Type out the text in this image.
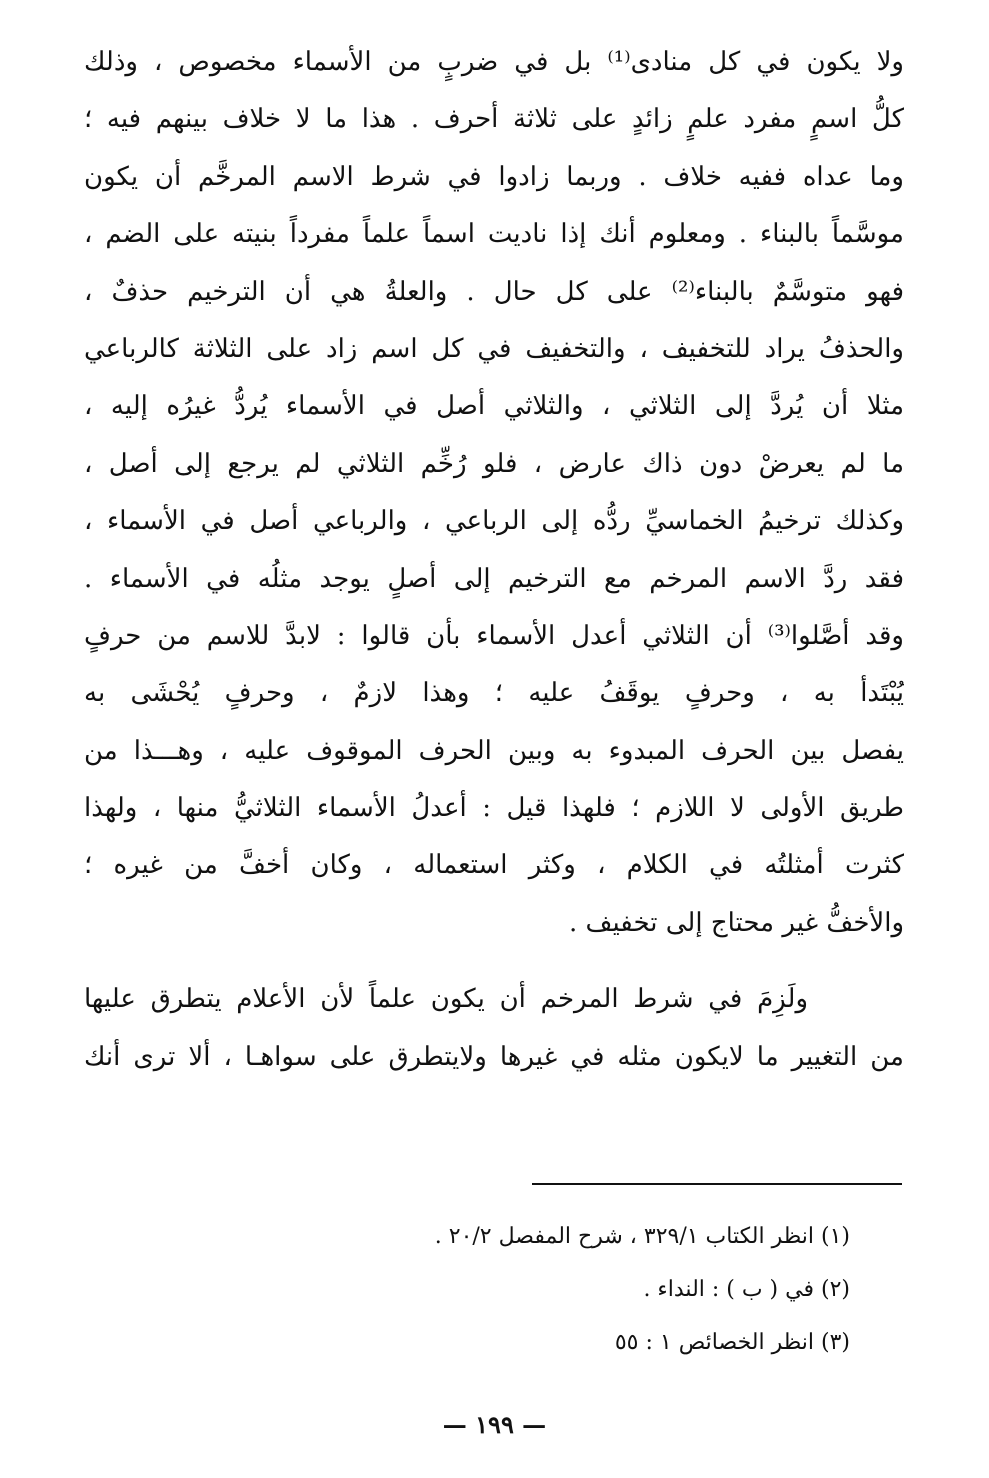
ولا يكون في كل منادى⁽¹⁾ بل في ضربٍ من الأسماء مخصوص ، وذلك
كلُّ اسمٍ مفرد علمٍ زائدٍ على ثلاثة أحرف . هذا ما لا خلاف بينهم فيه ؛
وما عداه ففيه خلاف . وربما زادوا في شرط الاسم المرخَّم أن يكون
موسَّماً بالبناء . ومعلوم أنك إذا ناديت اسماً علماً مفرداً بنيته على الضم ،
فهو متوسَّمٌ بالبناء⁽²⁾ على كل حال . والعلةُ هي أن الترخيم حذفٌ ،
والحذفُ يراد للتخفيف ، والتخفيف في كل اسم زاد على الثلاثة كالرباعي
مثلا أن يُردَّ إلى الثلاثي ، والثلاثي أصل في الأسماء يُردُّ غيرُه إليه ،
ما لم يعرضْ دون ذاك عارض ، فلو رُخِّم الثلاثي لم يرجع إلى أصل ،
وكذلك ترخيمُ الخماسيِّ ردُّه إلى الرباعي ، والرباعي أصل في الأسماء ،
فقد ردَّ الاسم المرخم مع الترخيم إلى أصلٍ يوجد مثلُه في الأسماء .
وقد أصَّلوا⁽³⁾ أن الثلاثي أعدل الأسماء بأن قالوا : لابدَّ للاسم من حرفٍ
يُبْتَدأ به ، وحرفٍ يوقَفُ عليه ؛ وهذا لازمٌ ، وحرفٍ يُحْشَى به
يفصل بين الحرف المبدوء به وبين الحرف الموقوف عليه ، وهـــذا من
طريق الأولى لا اللازم ؛ فلهذا قيل : أعدلُ الأسماء الثلاثيُّ منها ، ولهذا
كثرت أمثلتُه في الكلام ، وكثر استعماله ، وكان أخفَّ من غيره ؛
والأخفُّ غير محتاج إلى تخفيف .
ولَزِمَ في شرط المرخم أن يكون علماً لأن الأعلام يتطرق عليها
من التغيير ما لايكون مثله في غيرها ولايتطرق على سواهـا ، ألا ترى أنك
(١) انظر الكتاب ٣٢٩/١ ، شرح المفصل ٢٠/٢ .
(٢) في ( ب ) : النداء .
(٣) انظر الخصائص ١ : ٥٥
— ١٩٩ —
